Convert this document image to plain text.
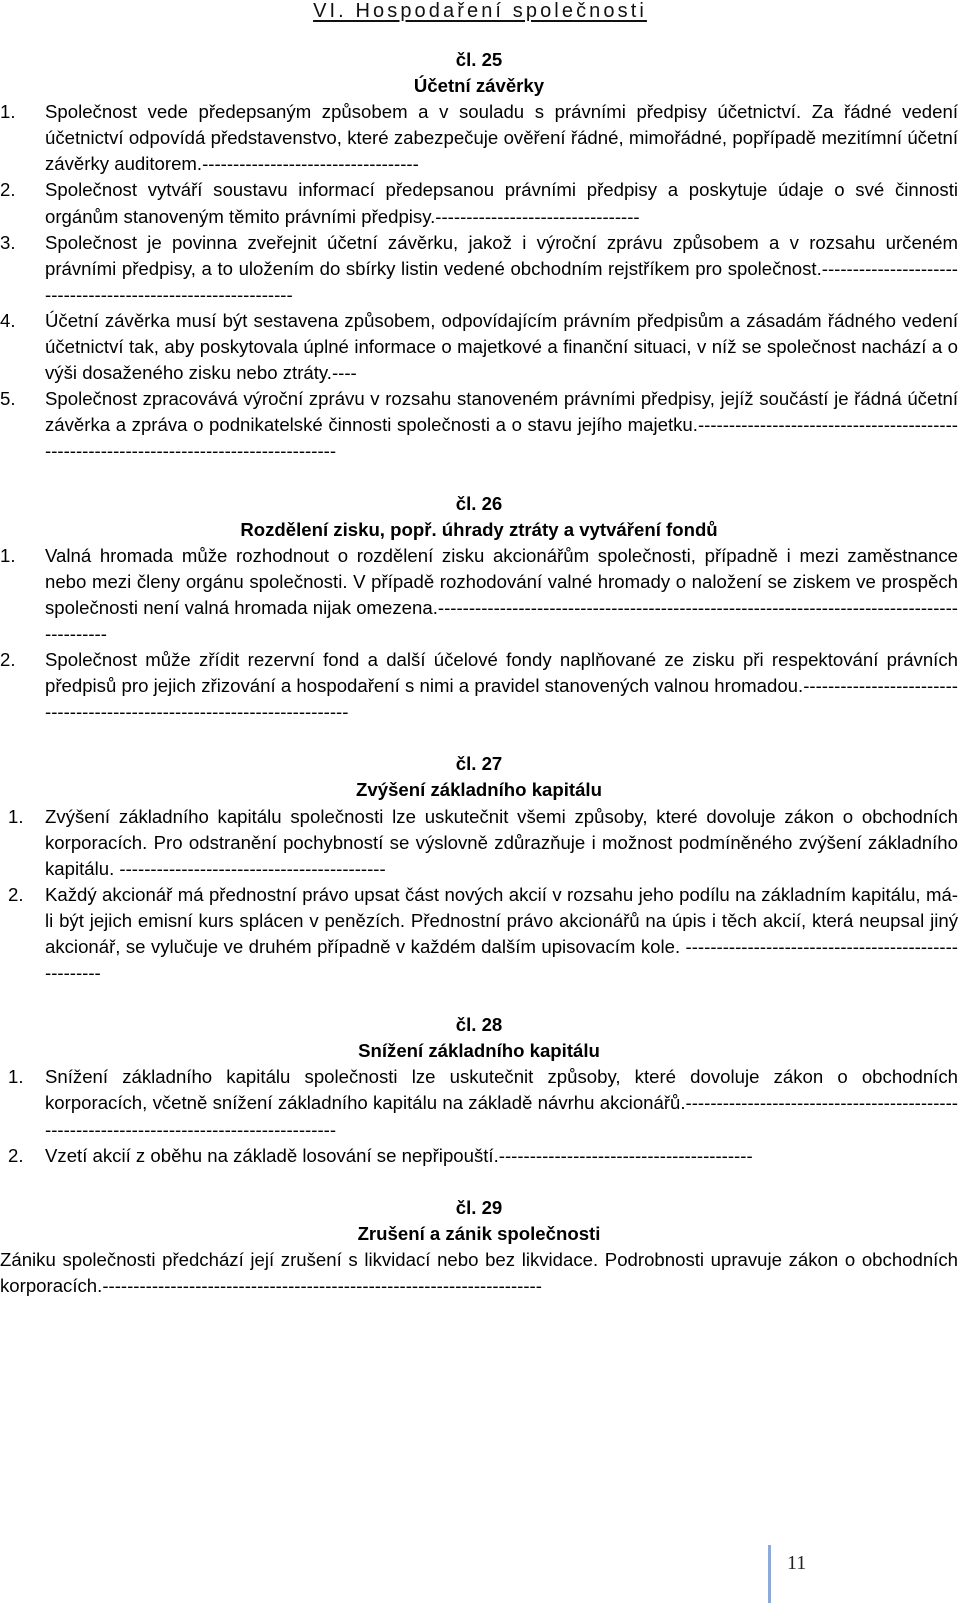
VI. Hospodaření společnosti

čl. 25

Účetní závěrky

1.	Společnost vede předepsaným způsobem a v souladu s právními předpisy účetnictví. Za řádné vedení účetnictví odpovídá představenstvo, které zabezpečuje ověření řádné, mimořádné, popřípadě mezitímní účetní závěrky auditorem.-----------------------------------
2.	Společnost vytváří soustavu informací předepsanou právními předpisy a poskytuje údaje o své činnosti orgánům stanoveným těmito právními předpisy.---------------------------------
3.	Společnost je povinna zveřejnit účetní závěrku, jakož i výroční zprávu způsobem a v rozsahu určeném právními předpisy, a to uložením do sbírky listin vedené obchodním rejstříkem pro společnost.--------------------------------------------------------------
4.	Účetní závěrka musí být sestavena způsobem, odpovídajícím právním předpisům a zásadám řádného vedení účetnictví tak, aby poskytovala úplné informace o majetkové a finanční situaci, v níž se společnost nachází a o výši dosaženého zisku nebo ztráty.----
5.	Společnost zpracovává výroční zprávu v rozsahu stanoveném právními předpisy, jejíž součástí je řádná účetní závěrka a zpráva o podnikatelské činnosti společnosti a o stavu jejího majetku.-----------------------------------------------------------------------------------------

čl. 26

Rozdělení zisku, popř. úhrady ztráty a vytváření fondů

1.	Valná hromada může rozhodnout o rozdělení zisku akcionářům společnosti, případně i mezi zaměstnance nebo mezi členy orgánu společnosti. V případě rozhodování valné hromady o naložení se ziskem ve prospěch společnosti není valná hromada nijak omezena.----------------------------------------------------------------------------------------------
2.	Společnost může zřídit rezervní fond a další účelové fondy naplňované ze zisku při respektování právních předpisů pro jejich zřizování a hospodaření s nimi a pravidel stanovených valnou hromadou.--------------------------------------------------------------------------

čl. 27

Zvýšení základního kapitálu

1.	Zvýšení základního kapitálu společnosti lze uskutečnit všemi způsoby, které dovoluje zákon o obchodních korporacích. Pro odstranění pochybností se výslovně zdůrazňuje i možnost podmíněného zvýšení základního kapitálu. -------------------------------------------
2.	Každý akcionář má přednostní právo upsat část nových akcií v rozsahu jeho podílu na základním kapitálu, má-li být jejich emisní kurs splácen v penězích. Přednostní právo akcionářů na úpis i těch akcií, která neupsal jiný akcionář, se vylučuje ve druhém případně v každém dalším upisovacím kole. -----------------------------------------------------

čl. 28

Snížení základního kapitálu

1.	Snížení základního kapitálu společnosti lze uskutečnit způsoby, které dovoluje zákon o obchodních korporacích, včetně snížení základního kapitálu na základě návrhu akcionářů.-------------------------------------------------------------------------------------------
2.	Vzetí akcií z oběhu na základě losování se nepřipouští.-----------------------------------------

čl. 29

Zrušení a zánik společnosti

Zániku společnosti předchází její zrušení s likvidací nebo bez likvidace. Podrobnosti upravuje zákon o obchodních korporacích.-----------------------------------------------------------------------

11
